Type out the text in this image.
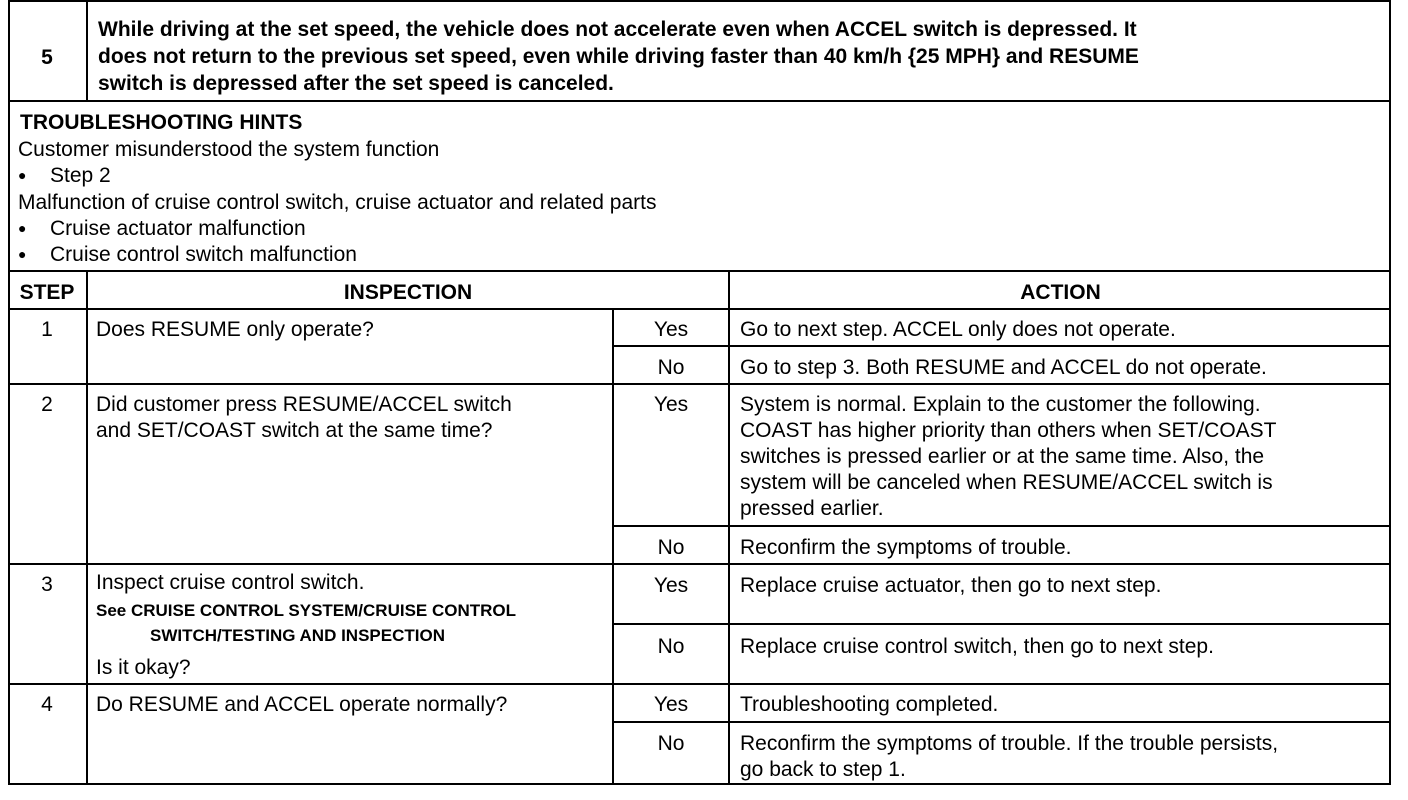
5
While driving at the set speed, the vehicle does not accelerate even when ACCEL switch is depressed. It
does not return to the previous set speed, even while driving faster than 40 km/h {25 MPH} and RESUME
switch is depressed after the set speed is canceled.
TROUBLESHOOTING HINTS
Customer misunderstood the system function
● Step 2
Malfunction of cruise control switch, cruise actuator and related parts
● Cruise actuator malfunction
● Cruise control switch malfunction
STEP	INSPECTION	ACTION
1	Does RESUME only operate?	Yes	Go to next step. ACCEL only does not operate.
No	Go to step 3. Both RESUME and ACCEL do not operate.
2	Did customer press RESUME/ACCEL switch
and SET/COAST switch at the same time?
Yes	System is normal. Explain to the customer the following.
COAST has higher priority than others when SET/COAST
switches is pressed earlier or at the same time. Also, the
system will be canceled when RESUME/ACCEL switch is
pressed earlier.
No	Reconfirm the symptoms of trouble.
3	Inspect cruise control switch.
See CRUISE CONTROL SYSTEM/CRUISE CONTROL
SWITCH/TESTING AND INSPECTION
Is it okay?
Yes	Replace cruise actuator, then go to next step.
No	Replace cruise control switch, then go to next step.
4	Do RESUME and ACCEL operate normally?	Yes	Troubleshooting completed.
No	Reconfirm the symptoms of trouble. If the trouble persists,
go back to step 1.
